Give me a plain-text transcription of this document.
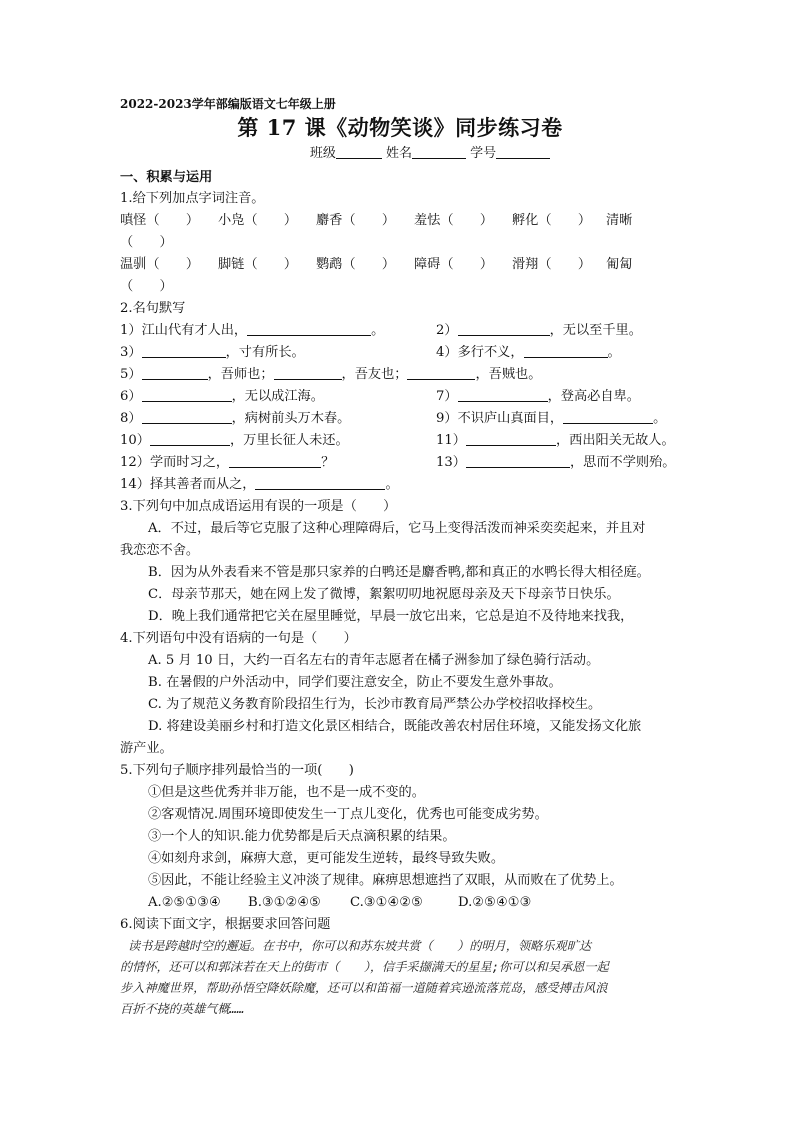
2022-2023学年部编版语文七年级上册
第 17 课《动物笑谈》同步练习卷
班级	姓名	学号
一、积累与运用
1.给下列加点字词注音。
嗔怪（　　） 小凫（　　） 麝香（　　） 羞怯（　　） 孵化（　　） 清晰
（　　）
温驯（　　） 脚链（　　） 鹦鹉（　　） 障碍（　　） 滑翔（　　） 匍匐
（　　）
2.名句默写
1）江山代有才人出，	。	2）	，无以至千里。
3）	，寸有所长。	4）多行不义，	。
5）	，吾师也；	，吾友也；	，吾贼也。
6）	，无以成江海。	7）	，登高必自卑。
8）	，病树前头万木春。	9）不识庐山真面目，	。
10）	，万里长征人未还。	11）	，西出阳关无故人。
12）学而时习之，	？	13）	，思而不学则殆。
14）择其善者而从之，	。
3.下列句中加点成语运用有误的一项是（　　）
A．不过，最后等它克服了这种心理障碍后，它马上变得活泼而神采奕奕起来，并且对
我恋恋不舍。
B．因为从外表看来不管是那只家养的白鸭还是麝香鸭,都和真正的水鸭长得大相径庭。
C．母亲节那天，她在网上发了微博，絮絮叨叨地祝愿母亲及天下母亲节日快乐。
D．晚上我们通常把它关在屋里睡觉，早晨一放它出来，它总是迫不及待地来找我，
4.下列语句中没有语病的一句是（　　）
A. 5 月 10 日，大约一百名左右的青年志愿者在橘子洲参加了绿色骑行活动。
B. 在暑假的户外活动中，同学们要注意安全，防止不要发生意外事故。
C. 为了规范义务教育阶段招生行为，长沙市教育局严禁公办学校招收择校生。
D. 将建设美丽乡村和打造文化景区相结合，既能改善农村居住环境，又能发扬文化旅
游产业。
5.下列句子顺序排列最恰当的一项(　　)
①但是这些优秀并非万能，也不是一成不变的。
②客观情况.周围环境即使发生一丁点儿变化，优秀也可能变成劣势。
③一个人的知识.能力优势都是后天点滴积累的结果。
④如刻舟求剑，麻痹大意，更可能发生逆转，最终导致失败。
⑤因此，不能让经验主义冲淡了规律。麻痹思想遮挡了双眼，从而败在了优势上。
A.②⑤①③④ B.③①②④⑤ C.③①④②⑤	D.②⑤④①③
6.阅读下面文字，根据要求回答问题
读书是跨越时空的邂逅。在书中，你可以和苏东坡共赏（　　）的明月，领略乐观旷达
的情怀，还可以和郭沫若在天上的街市（　　），信手采撷满天的星星;你可以和吴承恩一起
步入神魔世界，帮助孙悟空降妖除魔，还可以和笛福一道随着宾逊流落荒岛，感受搏击风浪
百折不挠的英雄气概……
